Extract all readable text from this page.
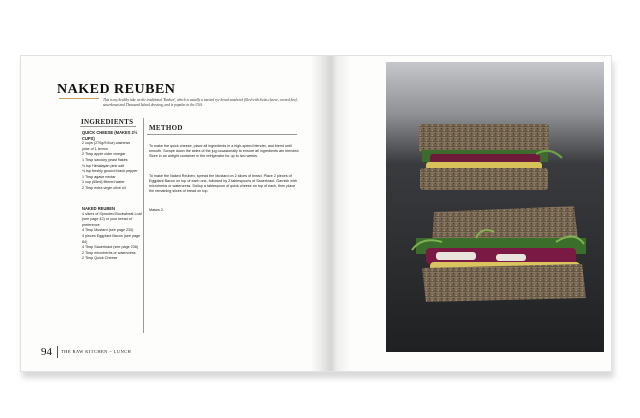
NAKED REUBEN
This is my healthy take on the traditional 'Reuben', which is usually a toasted rye bread sandwich filled with Swiss cheese, corned beef, sauerkraut and Thousand Island dressing, and is popular in the USA.
INGREDIENTS
QUICK CHEESE (MAKES 2½ CUPS)
2 cups (270g/9.6oz) cashews
juice of 1 lemon
2 Tbsp apple cider vinegar
1 Tbsp savoury yeast flakes
¾ tsp Himalayan pink salt
¾ tsp freshly ground black pepper
1 Tbsp agave nectar
1 cup (65ml) filtered water
2 Tbsp extra virgin olive oil
NAKED REUBEN
4 slices of Sprouted Buckwheat Loaf (see page 42) or your bread of preference
4 Tbsp Mustard (see page 230)
4 pieces Eggplant Bacon (see page 84)
4 Tbsp Sauerkraut (see page 236)
2 Tbsp microherbs or watercress
2 Tbsp Quick Cheese
METHOD
To make the quick cheese, place all ingredients in a high-speed blender, and blend until smooth. Scrape down the sides of the jug occasionally to ensure all ingredients are blended. Store in an airtight container in the refrigerator for up to two weeks.
To make the Naked Reuben, spread the Mustard on 2 slices of bread. Place 2 pieces of Eggplant Bacon on top of each one, followed by 2 tablespoons of Sauerkraut. Garnish with microherbs or watercress. Dollop a tablespoon of quick cheese on top of each, then place the remaining slices of bread on top.
Makes 2.
94 THE RAW KITCHEN ~ LUNCH
